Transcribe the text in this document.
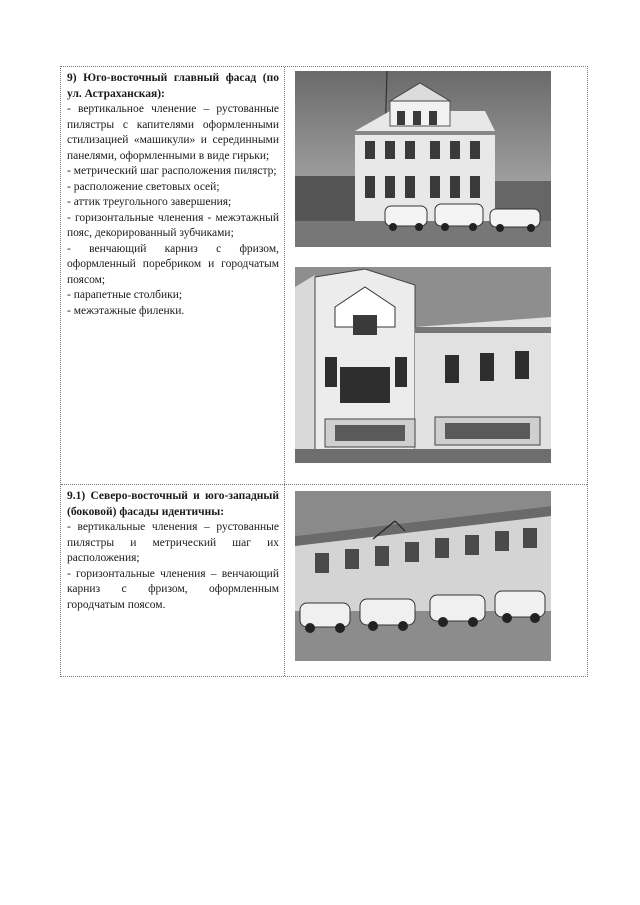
9) Юго-восточный главный фасад (по ул. Астраханская):

- вертикальное членение – рустованные пилястры с капителями оформленными стилизацией «машикули» и серединными панелями, оформленными в виде гирьки;

- метрический шаг расположения пилястр;

- расположение световых осей;

- аттик треугольного завершения;

- горизонтальные членения - межэтажный пояс, декорированный зубчиками;

- венчающий карниз с фризом, оформленный поребриком и городчатым поясом;

- парапетные столбики;

- межэтажные филенки.

9.1) Северо-восточный и юго-западный (боковой) фасады идентичны:

- вертикальные членения – рустованные пилястры и метрический шаг их расположения;

- горизонтальные членения – венчающий карниз с фризом, оформленным городчатым поясом.
